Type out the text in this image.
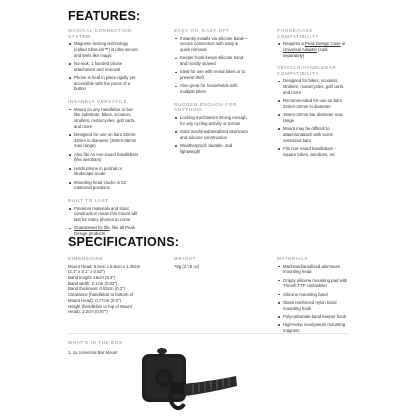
FEATURES:
MAGICAL CONNECTION SYSTEM
Magnetic-locking technology (called SlimLink™) is ultra secure and feels like magic
No-look, 1 handed phone attachment and removal
Phone is held in place rigidly yet accessible with the press of a button
INSANELY VERSATILE
Mount on any handlebar or bar-like substrate: bikes, scooters, strollers, motorcycles, golf carts, and more
Designed for use on bars 22mm-32mm in diameter (19mm-36mm max range)
Also fits on non-round handlebars (like aerobars)
Holds phone in portrait or landscape mode
Mounting head clocks in 22 rotational positions
BUILT TO LAST
Premium materials and stout construction mean this mount will last for many phones to come
Guaranteed for life, like all Peak Design products
EASY ON, EASY OFF
Instantly installs via silicone band—secure connection with easy & quick removal
Keeper hook keeps silicone band and mostly stowed
Ideal for use with rental bikes or to prevent theft
Also great for households with multiple bikes
RUGGED ENOUGH FOR ANYTHING
Locking mechanism strong enough for any cycling activity or terrain
Solid machined/anodized aluminum and silicone construction
Weatherproof, durable, and lightweight
PHONE/CASE COMPATIBILITY
Requires a Peak Design Case or Universal Adapter (sold separately)
VEHICLE/HANDLEBAR COMPATIBILITY
Designed for bikes, scooters, strollers, motorcycles, golf carts, and more
Recommended for use on bars 22mm-32mm in diameter
19mm-32mm bar diameter max range
Mount may be difficult to attach/unattach with some oversized bars
Fits non-round handlebars - square tubes, aerobars, etc
SPECIFICATIONS:
DIMENSIONS
Mount Head: 5.5cm x 5.5cm x 1.35cm
(2.1" x 2.1" x 0.53")
Band length: 16cm (6.3")
Band width: 2.1cm (0.83")
Band thickness: 0.52cm (0.2")
Clearance (handlebar to bottom of
Mount Head): 0.77cm (0.3")
Height (handlebar to top of Mount
Head): 2.2cm (0.87")
WEIGHT
78g (2.75 oz)
MATERIALS
Machined/anodized aluminum mounting head
Grippy silicone mounting pad with Thrush TTP Unitaskiter
Silicone mounting band
Glass reinforced nylon band mounting hook
Polycarbonate band keeper hook
High-temp neodymium mounting magnets
WHAT'S IN THE BOX
1. 1x Universal Bar Mount
